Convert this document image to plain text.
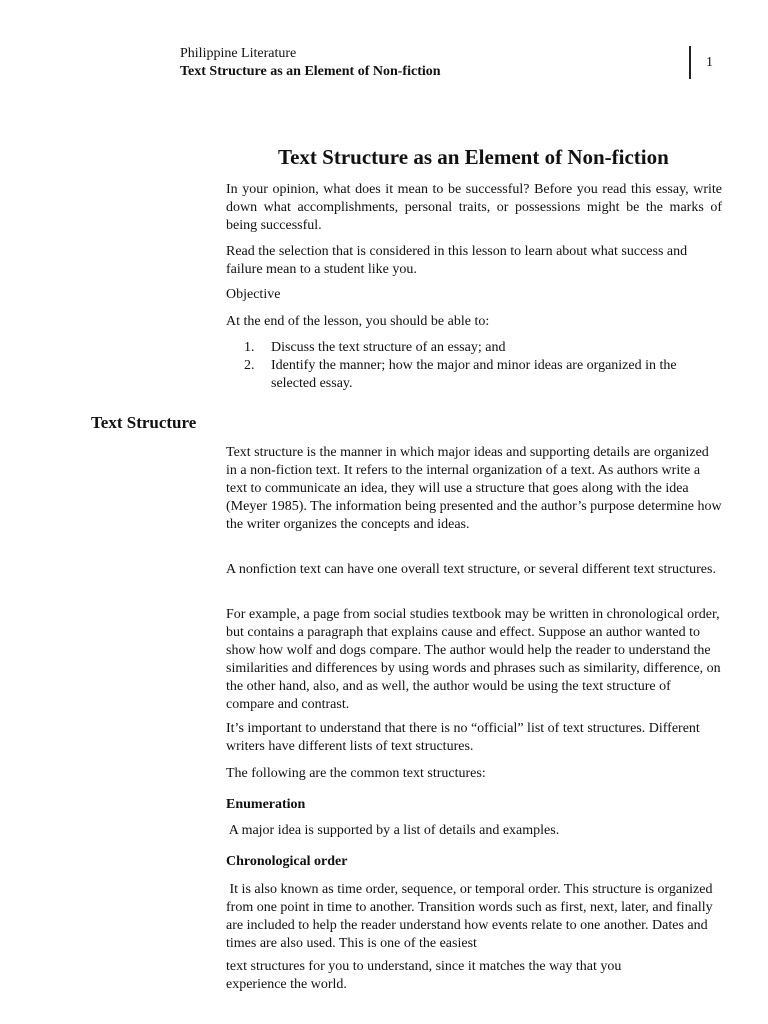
Philippine Literature
Text Structure as an Element of Non-fiction
1
Text Structure as an Element of Non-fiction

In your opinion, what does it mean to be successful? Before you read this essay, write down what accomplishments, personal traits, or possessions might be the marks of being successful.

Read the selection that is considered in this lesson to learn about what success and failure mean to a student like you.

Objective

At the end of the lesson, you should be able to:

1.	Discuss the text structure of an essay; and
2.	Identify the manner; how the major and minor ideas are organized in the selected essay.
Text Structure

Text structure is the manner in which major ideas and supporting details are organized in a non-fiction text. It refers to the internal organization of a text. As authors write a text to communicate an idea, they will use a structure that goes along with the idea (Meyer 1985). The information being presented and the author’s purpose determine how the writer organizes the concepts and ideas.

A nonfiction text can have one overall text structure, or several different text structures.

For example, a page from social studies textbook may be written in chronological order, but contains a paragraph that explains cause and effect. Suppose an author wanted to show how wolf and dogs compare. The author would help the reader to understand the similarities and differences by using words and phrases such as similarity, difference, on the other hand, also, and as well, the author would be using the text structure of compare and contrast.

It’s important to understand that there is no “official” list of text structures. Different writers have different lists of text structures.

The following are the common text structures:

Enumeration

A major idea is supported by a list of details and examples.

Chronological order

It is also known as time order, sequence, or temporal order. This structure is organized from one point in time to another. Transition words such as first, next, later, and finally are included to help the reader understand how events relate to one another. Dates and times are also used. This is one of the easiest

text structures for you to understand, since it matches the way that you experience the world.
